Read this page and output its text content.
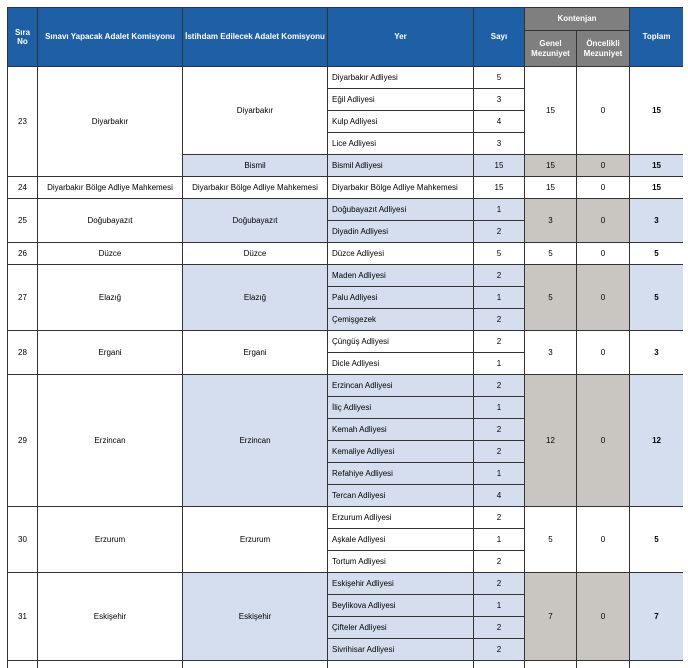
Sıra No	Sınavı Yapacak Adalet Komisyonu	İstihdam Edilecek Adalet Komisyonu	Yer	Sayı	Kontenjan		Toplam
					Genel Mezuniyet	Öncelikli Mezuniyet	
23	Diyarbakır	Diyarbakır	Diyarbakır Adliyesi	5	15	0	15
			Eğil Adliyesi	3			
			Kulp Adliyesi	4			
			Lice Adliyesi	3			
		Bismil	Bismil Adliyesi	15	15	0	15
24	Diyarbakır Bölge Adliye Mahkemesi	Diyarbakır Bölge Adliye Mahkemesi	Diyarbakır Bölge Adliye Mahkemesi	15	15	0	15
25	Doğubayazıt	Doğubayazıt	Doğubayazıt Adliyesi	1	3	0	3
			Diyadin Adliyesi	2			
26	Düzce	Düzce	Düzce Adliyesi	5	5	0	5
27	Elazığ	Elazığ	Maden Adliyesi	2	5	0	5
			Palu Adliyesi	1			
			Çemişgezek	2			
28	Ergani	Ergani	Çüngüş Adliyesi	2	3	0	3
			Dicle Adliyesi	1			
29	Erzincan	Erzincan	Erzincan Adliyesi	2	12	0	12
			İliç Adliyesi	1			
			Kemah Adliyesi	2			
			Kemaliye Adliyesi	2			
			Refahiye Adliyesi	1			
			Tercan Adliyesi	4			
30	Erzurum	Erzurum	Erzurum Adliyesi	2	5	0	5
			Aşkale Adliyesi	1			
			Tortum Adliyesi	2			
31	Eskişehir	Eskişehir	Eskişehir Adliyesi	2	7	0	7
			Beylikova Adliyesi	1			
			Çifteler Adliyesi	2			
			Sivrihisar Adliyesi	2			
